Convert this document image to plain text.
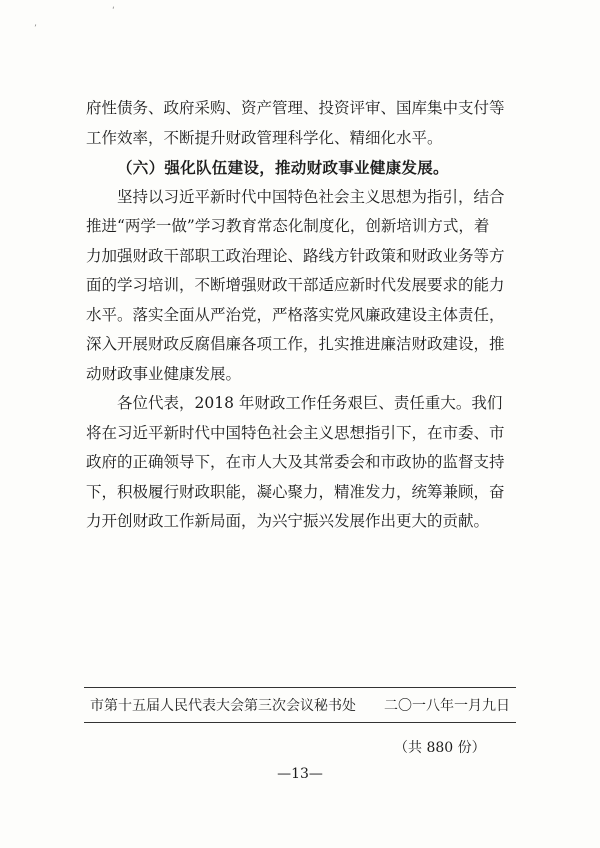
‘
’
府性债务、政府采购、资产管理、投资评审、国库集中支付等
工作效率，不断提升财政管理科学化、精细化水平。
（六）强化队伍建设，推动财政事业健康发展。
坚持以习近平新时代中国特色社会主义思想为指引，结合
推进“两学一做”学习教育常态化制度化，创新培训方式，着
力加强财政干部职工政治理论、路线方针政策和财政业务等方
面的学习培训，不断增强财政干部适应新时代发展要求的能力
水平。落实全面从严治党，严格落实党风廉政建设主体责任，
深入开展财政反腐倡廉各项工作，扎实推进廉洁财政建设，推
动财政事业健康发展。
各位代表，2018 年财政工作任务艰巨、责任重大。我们
将在习近平新时代中国特色社会主义思想指引下，在市委、市
政府的正确领导下，在市人大及其常委会和市政协的监督支持
下，积极履行财政职能，凝心聚力，精准发力，统筹兼顾，奋
力开创财政工作新局面，为兴宁振兴发展作出更大的贡献。
市第十五届人民代表大会第三次会议秘书处 二〇一八年一月九日
（共 880 份）
—13—
